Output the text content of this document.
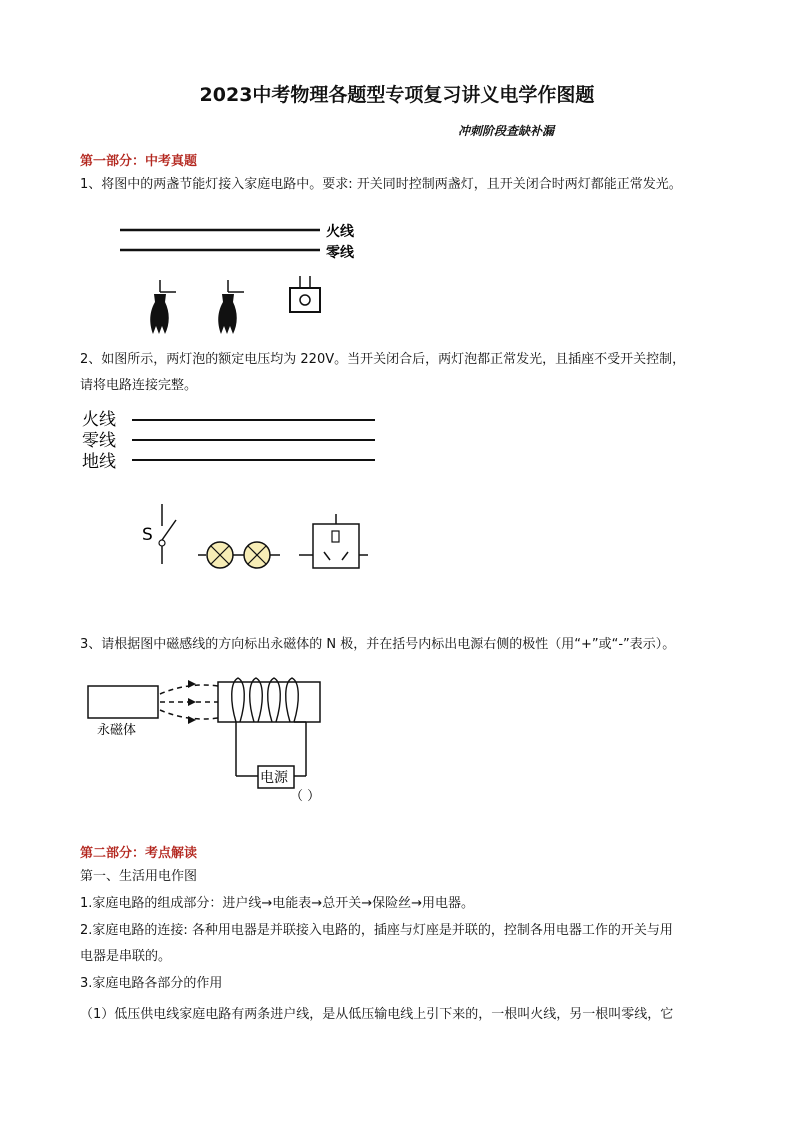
2023中考物理各题型专项复习讲义电学作图题
冲刺阶段查缺补漏
第一部分：中考真题
1、将图中的两盏节能灯接入家庭电路中。要求: 开关同时控制两盏灯，且开关闭合时两灯都能正常发光。
火线
零线
2、如图所示，两灯泡的额定电压均为 220V。当开关闭合后，两灯泡都正常发光，且插座不受开关控制，
请将电路连接完整。
火线
零线
地线
S
3、请根据图中磁感线的方向标出永磁体的 N 极，并在括号内标出电源右侧的极性（用“+”或“-”表示）。
永磁体
电源
（ ）
第二部分：考点解读
第一、生活用电作图
1.家庭电路的组成部分：进户线→电能表→总开关→保险丝→用电器。
2.家庭电路的连接: 各种用电器是并联接入电路的，插座与灯座是并联的，控制各用电器工作的开关与用
电器是串联的。
3.家庭电路各部分的作用
（1）低压供电线家庭电路有两条进户线，是从低压输电线上引下来的，一根叫火线，另一根叫零线，它
